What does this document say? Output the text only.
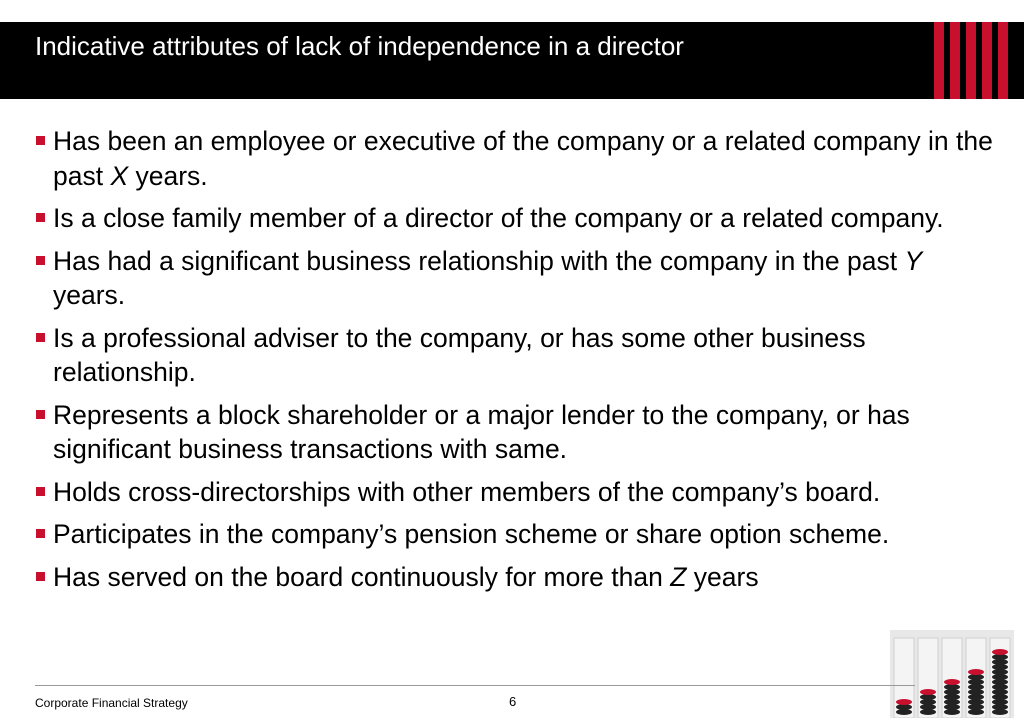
Indicative attributes of lack of independence in a director
Has been an employee or executive of the company or a related company in the past X years.
Is a close family member of a director of the company or a related company.
Has had a significant business relationship with the company in the past Y years.
Is a professional adviser to the company, or has some other business relationship.
Represents a block shareholder or a major lender to the company, or has significant business transactions with same.
Holds cross-directorships with other members of the company’s board.
Participates in the company’s pension scheme or share option scheme.
Has served on the board continuously for more than Z years
Corporate Financial Strategy	6
